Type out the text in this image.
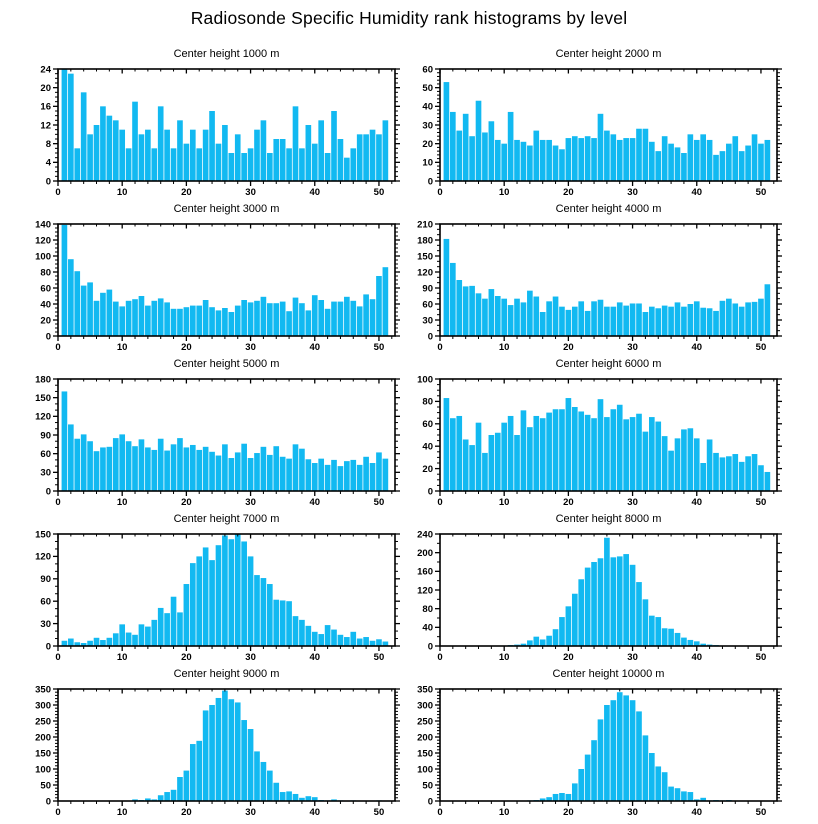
Radiosonde Specific Humidity rank histograms by level
Center height 1000 m
0	10	20	30	40	50
0
4
8
12
16
20
24
Center height 2000 m
0	10	20	30	40	50
0
10
20
30
40
50
60
Center height 3000 m
0	10	20	30	40	50
0
20
40
60
80
100
120
140
Center height 4000 m
0	10	20	30	40	50
0
30
60
90
120
150
180
210
Center height 5000 m
0	10	20	30	40	50
0
30
60
90
120
150
180
Center height 6000 m
0	10	20	30	40	50
0
20
40
60
80
100
Center height 7000 m
0	10	20	30	40	50
0
30
60
90
120
150
Center height 8000 m
0	10	20	30	40	50
0
40
80
120
160
200
240
Center height 9000 m
0	10	20	30	40	50
0
50
100
150
200
250
300
350
Center height 10000 m
0	10	20	30	40	50
0
50
100
150
200
250
300
350
